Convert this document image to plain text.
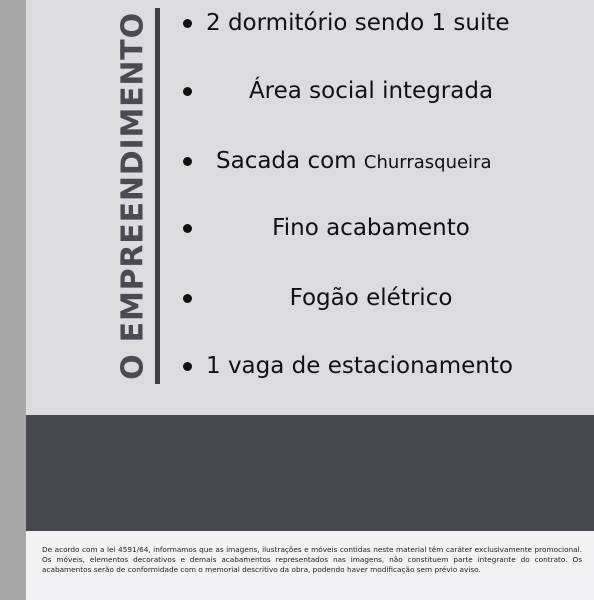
O EMPREENDIMENTO 2 dormitório sendo 1 suite
Área social integrada
Sacada com Churrasqueira
Fino acabamento
Fogão elétrico
1 vaga de estacionamento
De acordo com a lei 4591/64, informamos que as imagens, ilustrações e móveis contidas neste material têm caráter exclusivamente promocional. Os móveis, elementos decorativos e demais acabamentos representados nas imagens, não constituem parte integrante do contrato. Os acabamentos serão de conformidade com o memorial descritivo da obra, podendo haver modificação sem prévio aviso.
